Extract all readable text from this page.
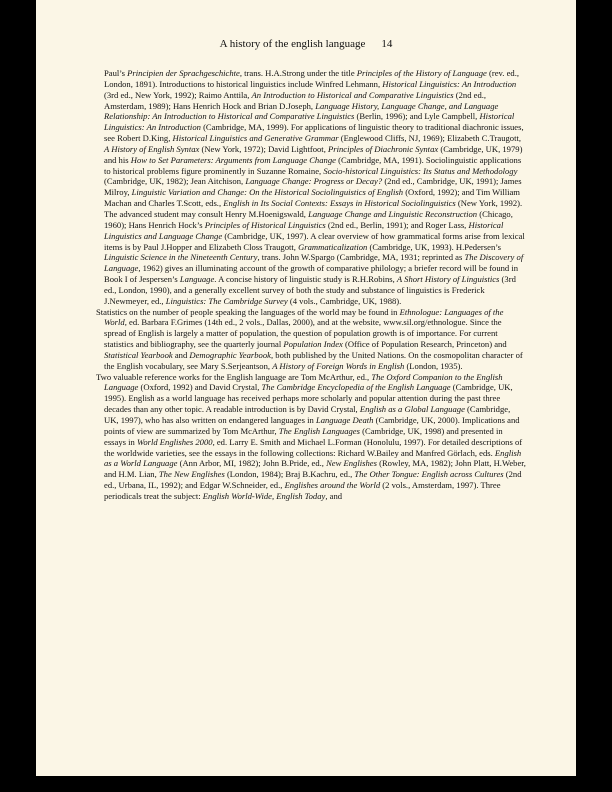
A history of the english language 14

Paul’s Principien der Sprachgeschichte, trans. H.A.Strong under the title Principles of the History of Language (rev. ed., London, 1891). Introductions to historical linguistics include Winfred Lehmann, Historical Linguistics: An Introduction (3rd ed., New York, 1992); Raimo Anttila, An Introduction to Historical and Comparative Linguistics (2nd ed., Amsterdam, 1989); Hans Henrich Hock and Brian D.Joseph, Language History, Language Change, and Language Relationship: An Introduction to Historical and Comparative Linguistics (Berlin, 1996); and Lyle Campbell, Historical Linguistics: An Introduction (Cambridge, MA, 1999). For applications of linguistic theory to traditional diachronic issues, see Robert D.King, Historical Linguistics and Generative Grammar (Englewood Cliffs, NJ, 1969); Elizabeth C.Traugott, A History of English Syntax (New York, 1972); David Lightfoot, Principles of Diachronic Syntax (Cambridge, UK, 1979) and his How to Set Parameters: Arguments from Language Change (Cambridge, MA, 1991). Sociolinguistic applications to historical problems figure prominently in Suzanne Romaine, Socio-historical Linguistics: Its Status and Methodology (Cambridge, UK, 1982); Jean Aitchison, Language Change: Progress or Decay? (2nd ed., Cambridge, UK, 1991); James Milroy, Linguistic Variation and Change: On the Historical Sociolinguistics of English (Oxford, 1992); and Tim William Machan and Charles T.Scott, eds., English in Its Social Contexts: Essays in Historical Sociolinguistics (New York, 1992). The advanced student may consult Henry M.Hoenigswald, Language Change and Linguistic Reconstruction (Chicago, 1960); Hans Henrich Hock’s Principles of Historical Linguistics (2nd ed., Berlin, 1991); and Roger Lass, Historical Linguistics and Language Change (Cambridge, UK, 1997). A clear overview of how grammatical forms arise from lexical items is by Paul J.Hopper and Elizabeth Closs Traugott, Grammaticalization (Cambridge, UK, 1993). H.Pedersen’s Linguistic Science in the Nineteenth Century, trans. John W.Spargo (Cambridge, MA, 1931; reprinted as The Discovery of Language, 1962) gives an illuminating account of the growth of comparative philology; a briefer record will be found in Book I of Jespersen’s Language. A concise history of linguistic study is R.H.Robins, A Short History of Linguistics (3rd ed., London, 1990), and a generally excellent survey of both the study and substance of linguistics is Frederick J.Newmeyer, ed., Linguistics: The Cambridge Survey (4 vols., Cambridge, UK, 1988).

Statistics on the number of people speaking the languages of the world may be found in Ethnologue: Languages of the World, ed. Barbara F.Grimes (14th ed., 2 vols., Dallas, 2000), and at the website, www.sil.org/ethnologue. Since the spread of English is largely a matter of population, the question of population growth is of importance. For current statistics and bibliography, see the quarterly journal Population Index (Office of Population Research, Princeton) and Statistical Yearbook and Demographic Yearbook, both published by the United Nations. On the cosmopolitan character of the English vocabulary, see Mary S.Serjeantson, A History of Foreign Words in English (London, 1935).

Two valuable reference works for the English language are Tom McArthur, ed., The Oxford Companion to the English Language (Oxford, 1992) and David Crystal, The Cambridge Encyclopedia of the English Language (Cambridge, UK, 1995). English as a world language has received perhaps more scholarly and popular attention during the past three decades than any other topic. A readable introduction is by David Crystal, English as a Global Language (Cambridge, UK, 1997), who has also written on endangered languages in Language Death (Cambridge, UK, 2000). Implications and points of view are summarized by Tom McArthur, The English Languages (Cambridge, UK, 1998) and presented in essays in World Englishes 2000, ed. Larry E. Smith and Michael L.Forman (Honolulu, 1997). For detailed descriptions of the worldwide varieties, see the essays in the following collections: Richard W.Bailey and Manfred Görlach, eds. English as a World Language (Ann Arbor, MI, 1982); John B.Pride, ed., New Englishes (Rowley, MA, 1982); John Platt, H.Weber, and H.M. Lian, The New Englishes (London, 1984); Braj B.Kachru, ed., The Other Tongue: English across Cultures (2nd ed., Urbana, IL, 1992); and Edgar W.Schneider, ed., Englishes around the World (2 vols., Amsterdam, 1997). Three periodicals treat the subject: English World-Wide, English Today, and
